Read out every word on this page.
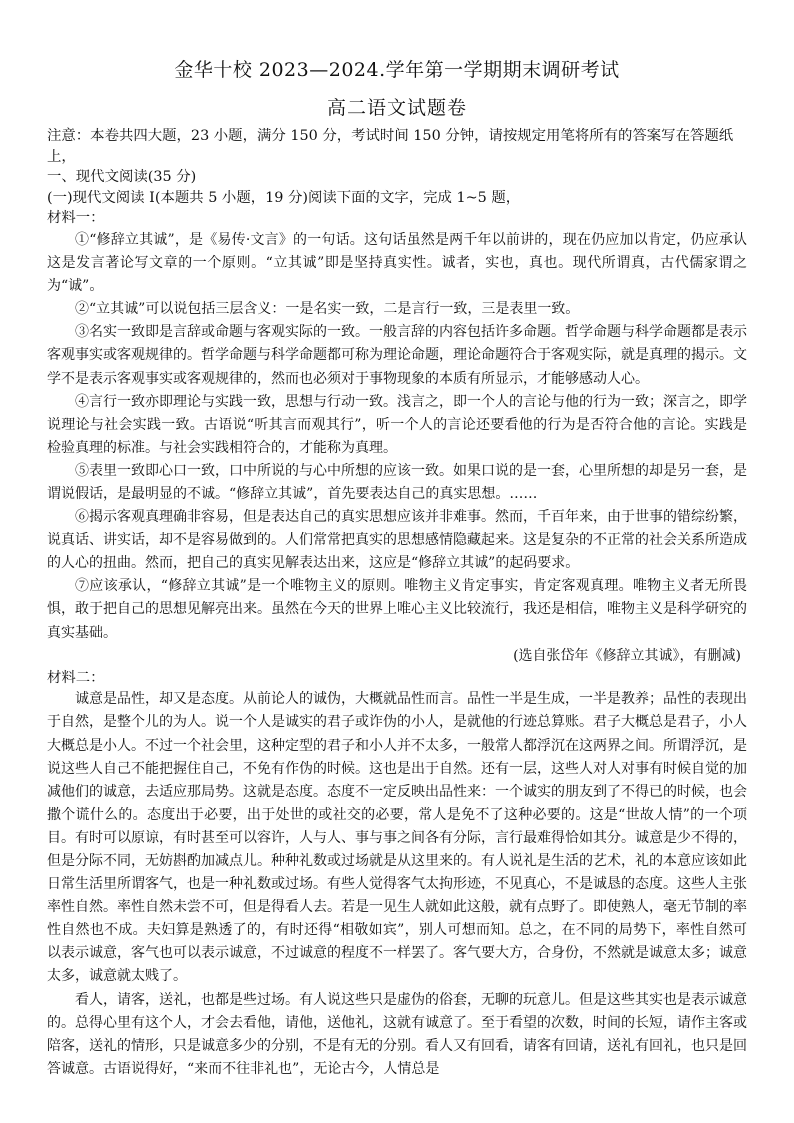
金华十校 2023—2024.学年第一学期期末调研考试

高二语文试题卷

注意：本卷共四大题，23 小题，满分 150 分，考试时间 150 分钟，请按规定用笔将所有的答案写在答题纸上，

一、现代文阅读(35 分)

(一)现代文阅读 I(本题共 5 小题，19 分)阅读下面的文字，完成 1~5 题，

材料一：

①“修辞立其诚”，是《易传·文言》的一句话。这句话虽然是两千年以前讲的，现在仍应加以肯定，仍应承认这是发言著论写文章的一个原则。“立其诚”即是坚持真实性。诚者，实也，真也。现代所谓真，古代儒家谓之为“诚”。

②“立其诚”可以说包括三层含义：一是名实一致，二是言行一致，三是表里一致。

③名实一致即是言辞或命题与客观实际的一致。一般言辞的内容包括许多命题。哲学命题与科学命题都是表示客观事实或客观规律的。哲学命题与科学命题都可称为理论命题，理论命题符合于客观实际，就是真理的揭示。文学不是表示客观事实或客观规律的，然而也必须对于事物现象的本质有所显示，才能够感动人心。

④言行一致亦即理论与实践一致，思想与行动一致。浅言之，即一个人的言论与他的行为一致；深言之，即学说理论与社会实践一致。古语说“听其言而观其行”，听一个人的言论还要看他的行为是否符合他的言论。实践是检验真理的标准。与社会实践相符合的，才能称为真理。

⑤表里一致即心口一致，口中所说的与心中所想的应该一致。如果口说的是一套，心里所想的却是另一套，是谓说假话，是最明显的不诚。“修辞立其诚”，首先要表达自己的真实思想。……

⑥揭示客观真理确非容易，但是表达自己的真实思想应该并非难事。然而，千百年来，由于世事的错综纷繁，说真话、讲实话，却不是容易做到的。人们常常把真实的思想感情隐藏起来。这是复杂的不正常的社会关系所造成的人心的扭曲。然而，把自己的真实见解表达出来，这应是“修辞立其诚”的起码要求。

⑦应该承认，“修辞立其诚”是一个唯物主义的原则。唯物主义肯定事实，肯定客观真理。唯物主义者无所畏惧，敢于把自己的思想见解亮出来。虽然在今天的世界上唯心主义比较流行，我还是相信，唯物主义是科学研究的真实基础。

(选自张岱年《修辞立其诚》，有删减)

材料二：

诚意是品性，却又是态度。从前论人的诚伪，大概就品性而言。品性一半是生成，一半是教养；品性的表现出于自然，是整个儿的为人。说一个人是诚实的君子或诈伪的小人，是就他的行迹总算账。君子大概总是君子，小人大概总是小人。不过一个社会里，这种定型的君子和小人并不太多，一般常人都浮沉在这两界之间。所谓浮沉，是说这些人自己不能把握住自己，不免有作伪的时候。这也是出于自然。还有一层，这些人对人对事有时候自觉的加减他们的诚意，去适应那局势。这就是态度。态度不一定反映出品性来：一个诚实的朋友到了不得已的时候，也会撒个谎什么的。态度出于必要，出于处世的或社交的必要，常人是免不了这种必要的。这是“世故人情”的一个项目。有时可以原谅，有时甚至可以容许，人与人、事与事之间各有分际，言行最难得恰如其分。诚意是少不得的，但是分际不同，无妨斟酌加减点儿。种种礼数或过场就是从这里来的。有人说礼是生活的艺术，礼的本意应该如此日常生活里所谓客气，也是一种礼数或过场。有些人觉得客气太拘形迹，不见真心，不是诚恳的态度。这些人主张率性自然。率性自然未尝不可，但是得看人去。若是一见生人就如此这般，就有点野了。即使熟人，毫无节制的率性自然也不成。夫妇算是熟透了的，有时还得“相敬如宾”，别人可想而知。总之，在不同的局势下，率性自然可以表示诚意，客气也可以表示诚意，不过诚意的程度不一样罢了。客气要大方，合身份，不然就是诚意太多；诚意太多，诚意就太贱了。

看人，请客，送礼，也都是些过场。有人说这些只是虚伪的俗套，无聊的玩意儿。但是这些其实也是表示诚意的。总得心里有这个人，才会去看他，请他，送他礼，这就有诚意了。至于看望的次数，时间的长短，请作主客或陪客，送礼的情形，只是诚意多少的分别，不是有无的分别。看人又有回看，请客有回请，送礼有回礼，也只是回答诚意。古语说得好，“来而不往非礼也”，无论古今，人情总是
